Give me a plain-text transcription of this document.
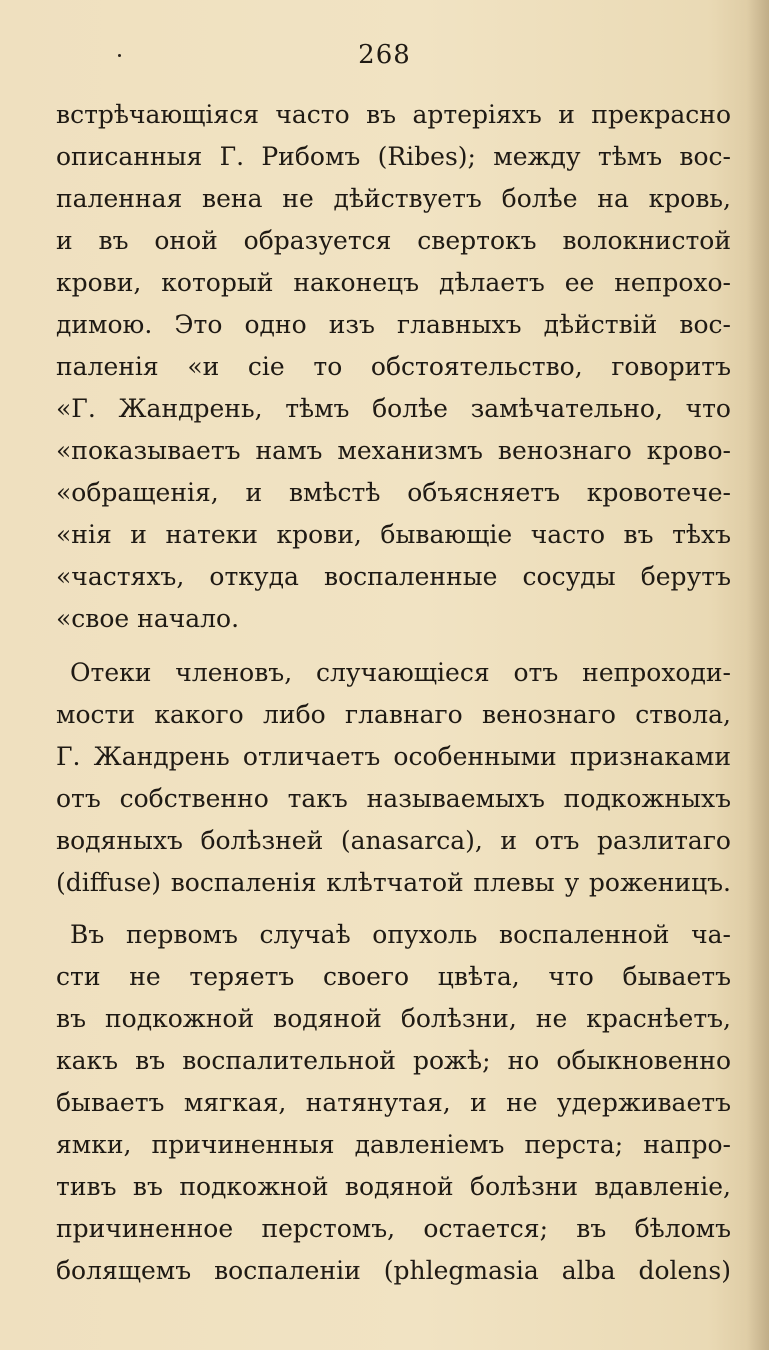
268
встрѣчающіяся часто въ артеріяхъ и прекрасно
описанныя Г. Рибомъ (Ribes); между тѣмъ вос-
паленная вена не дѣйствуетъ болѣе на кровь,
и въ оной образуется свертокъ волокнистой
крови, который наконецъ дѣлаетъ ее непрохо-
димою. Это одно изъ главныхъ дѣйствій вос-
паленія «и сіе то обстоятельство, говоритъ
«Г. Жандрень, тѣмъ болѣе замѣчательно, что
«показываетъ намъ механизмъ венознаго крово-
«обращенія, и вмѣстѣ объясняетъ кровотече-
«нія и натеки крови, бывающіе часто въ тѣхъ
«частяхъ, откуда воспаленные сосуды берутъ
«свое начало.
Отеки членовъ, случающіеся отъ непроходи-
мости какого либо главнаго венознаго ствола,
Г. Жандрень отличаетъ особенными признаками
отъ собственно такъ называемыхъ подкожныхъ
водяныхъ болѣзней (anasarca), и отъ разлитаго
(diffuse) воспаленія клѣтчатой плевы у роженицъ.
Въ первомъ случаѣ опухоль воспаленной ча-
сти не теряетъ своего цвѣта, что бываетъ
въ подкожной водяной болѣзни, не краснѣетъ,
какъ въ воспалительной рожѣ; но обыкновенно
бываетъ мягкая, натянутая, и не удерживаетъ
ямки, причиненныя давленіемъ перста; напро-
тивъ въ подкожной водяной болѣзни вдавленіе,
причиненное перстомъ, остается; въ бѣломъ
болящемъ воспаленіи (phlegmasia alba dolens)
